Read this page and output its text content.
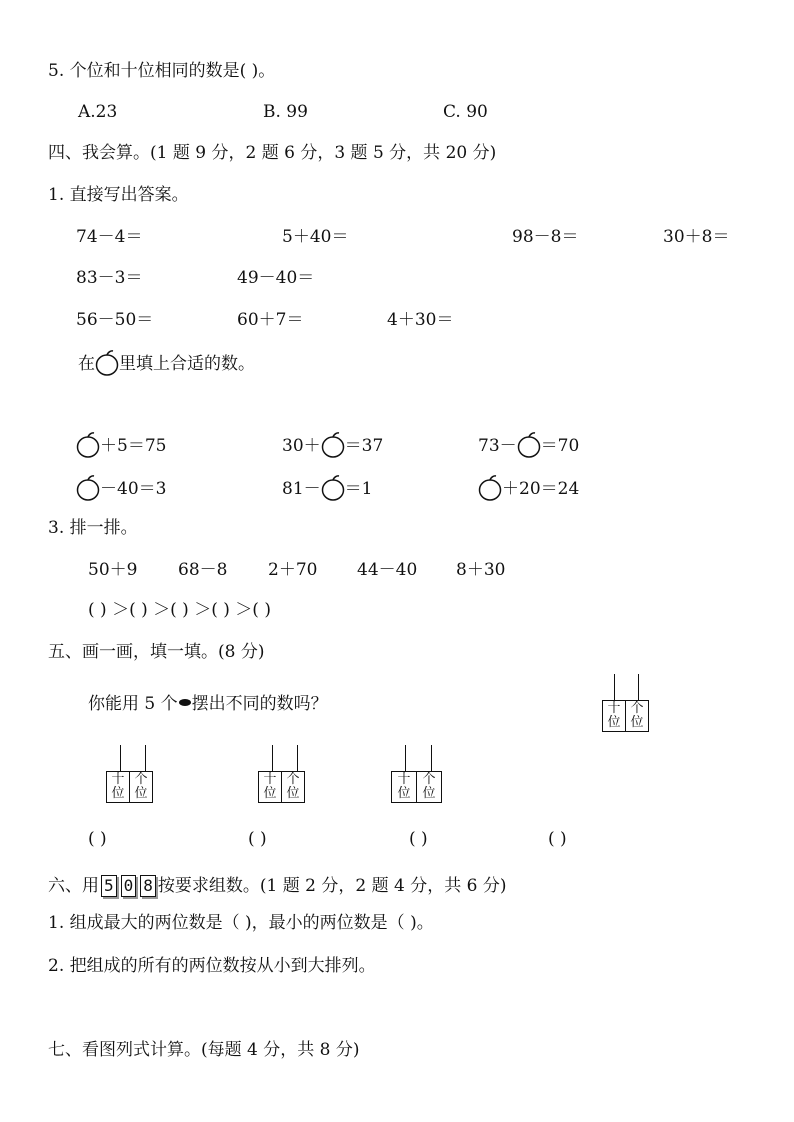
5. 个位和十位相同的数是( )。
A.23	B. 99	C. 90
四、我会算。(1 题 9 分，2 题 6 分，3 题 5 分，共 20 分)
1. 直接写出答案。
74－4＝	5＋40＝	98－8＝	30＋8＝
83－3＝	49－40＝
56－50＝	60＋7＝	4＋30＝
在 里填上合适的数。
＋5＝75	30＋ ＝37	73－ ＝70
－40＝3	81－ ＝1	＋20＝24
3. 排一排。
50＋9 68－8 2＋70 44－40 8＋30
( ) ＞( ) ＞( ) ＞( ) ＞( )
五、画一画，填一填。(8 分)
你能用 5 个 摆出不同的数吗？	十位
个位
十位
个位
十位
个位
十位
个位
( )	( )	( )	( )
六、用 5 0 8 按要求组数。(1 题 2 分，2 题 4 分，共 6 分)
1. 组成最大的两位数是（ )，最小的两位数是（ )。
2. 把组成的所有的两位数按从小到大排列。
七、看图列式计算。(每题 4 分，共 8 分)
